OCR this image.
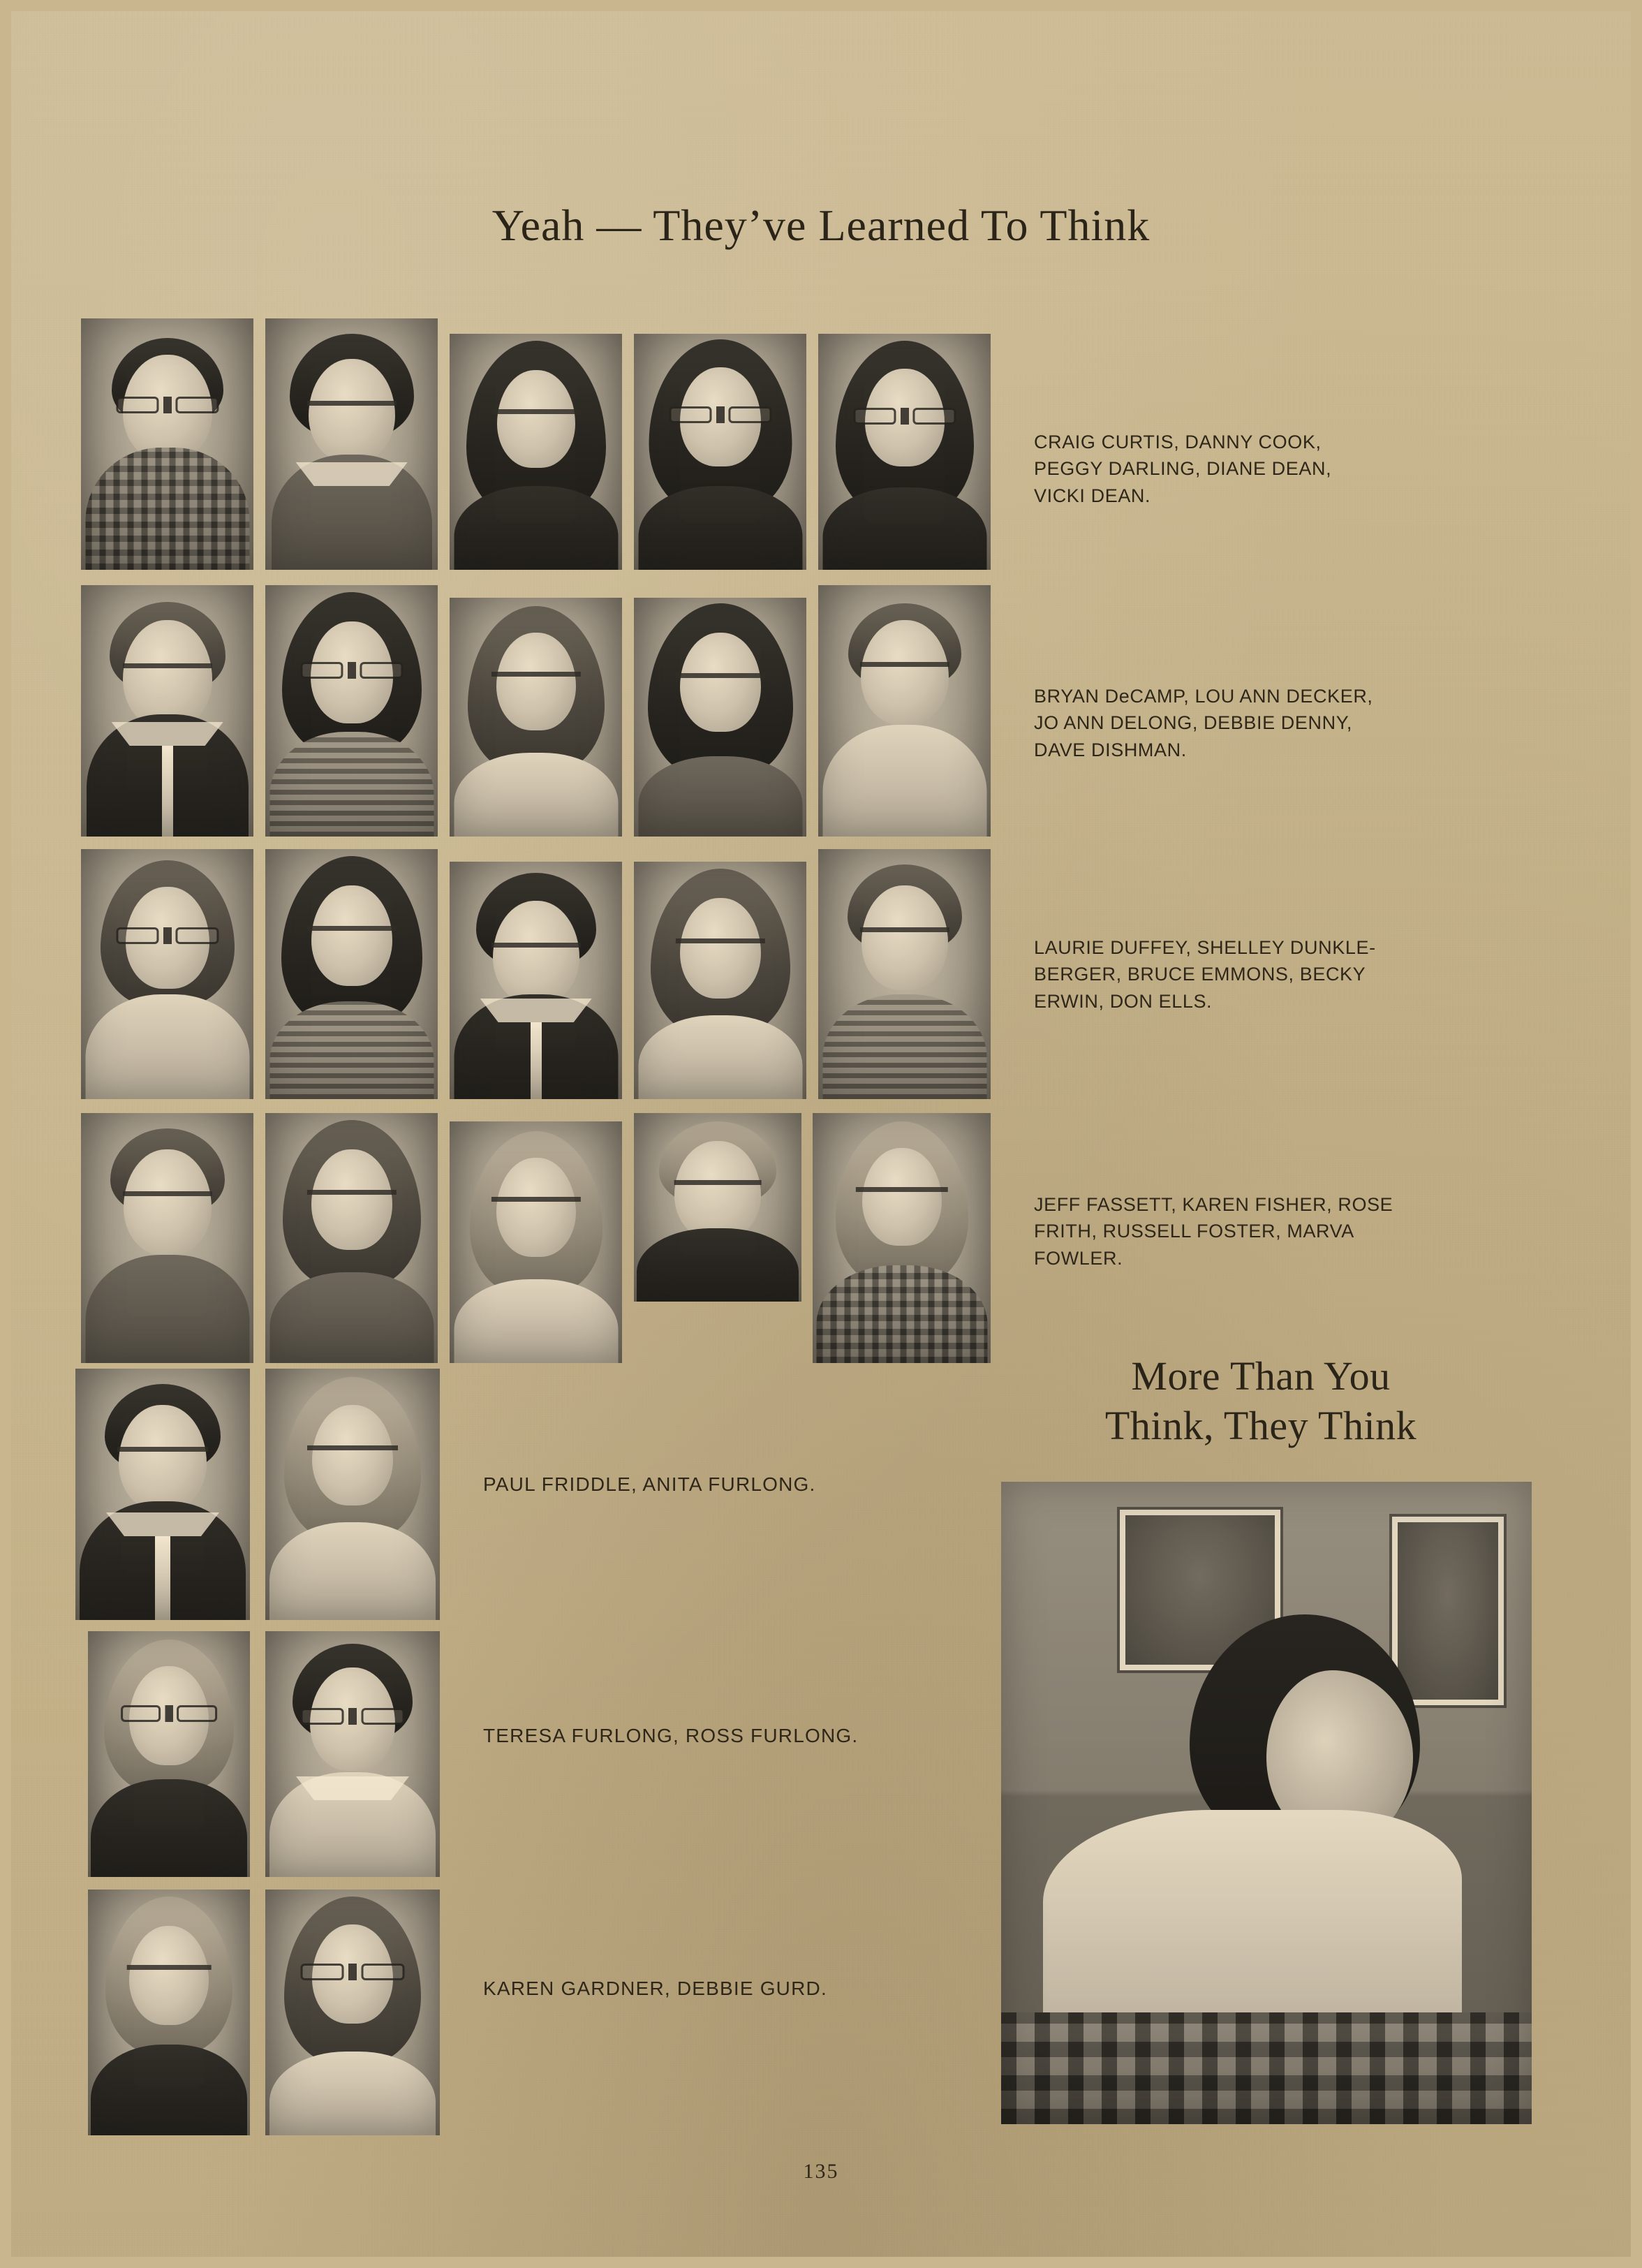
Yeah — They’ve Learned To Think
CRAIG CURTIS, DANNY COOK,
PEGGY DARLING, DIANE DEAN,
VICKI DEAN.
BRYAN DeCAMP, LOU ANN DECKER,
JO ANN DELONG, DEBBIE DENNY,
DAVE DISHMAN.
LAURIE DUFFEY, SHELLEY DUNKLE-
BERGER, BRUCE EMMONS, BECKY
ERWIN, DON ELLS.
JEFF FASSETT, KAREN FISHER, ROSE
FRITH, RUSSELL FOSTER, MARVA
FOWLER.
More Than You
Think, They Think
PAUL FRIDDLE, ANITA FURLONG.
TERESA FURLONG, ROSS FURLONG.
KAREN GARDNER, DEBBIE GURD.
135
